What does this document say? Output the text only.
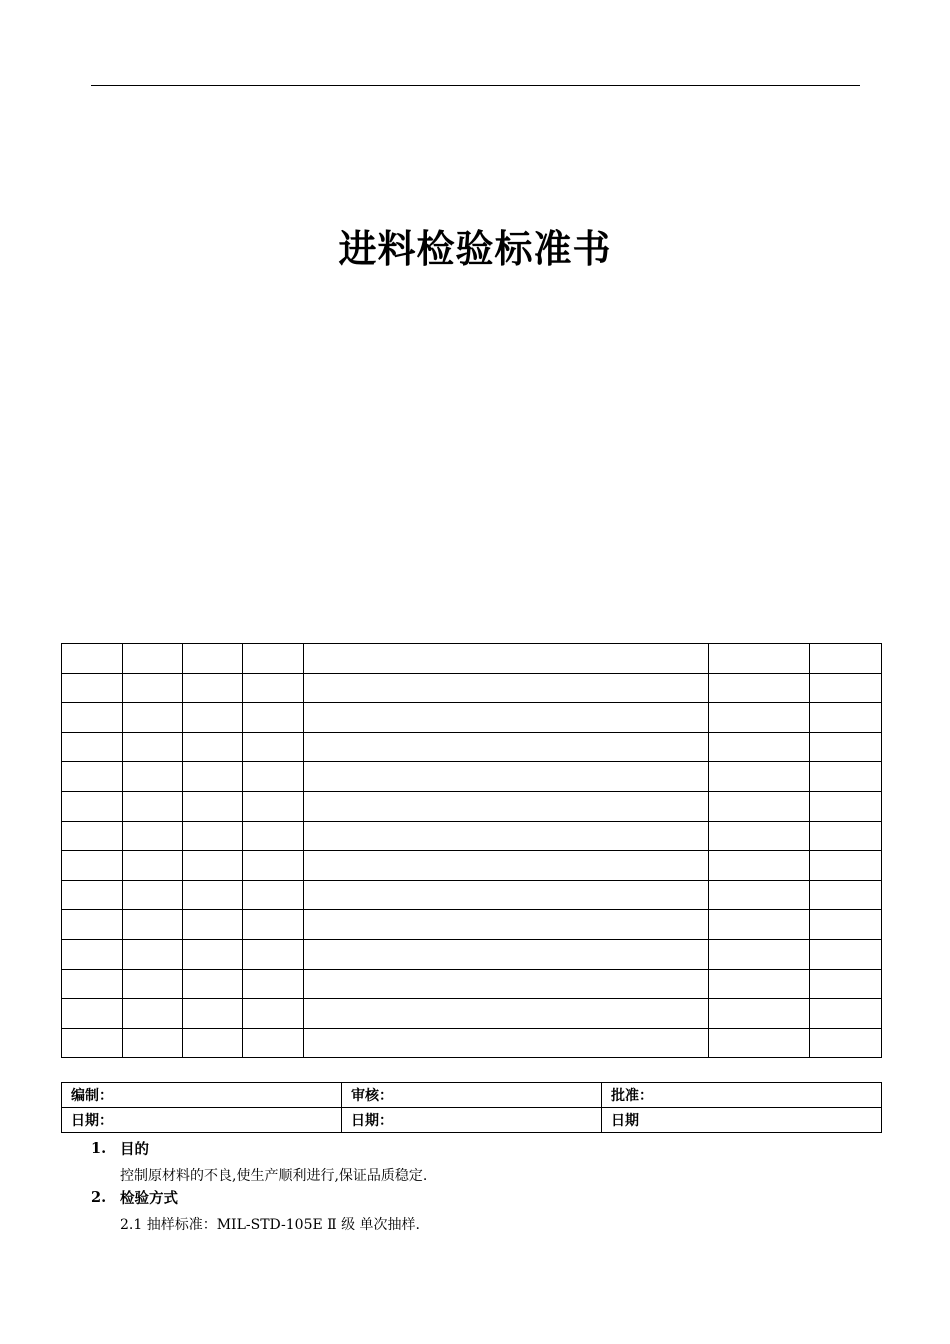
进料检验标准书

编制：	审核：	批准：
日期：	日期：	日期
1. 目的
控制原材料的不良,使生产顺利进行,保证品质稳定.
2. 检验方式
2.1 抽样标准：MIL-STD-105E Ⅱ 级 单次抽样.
